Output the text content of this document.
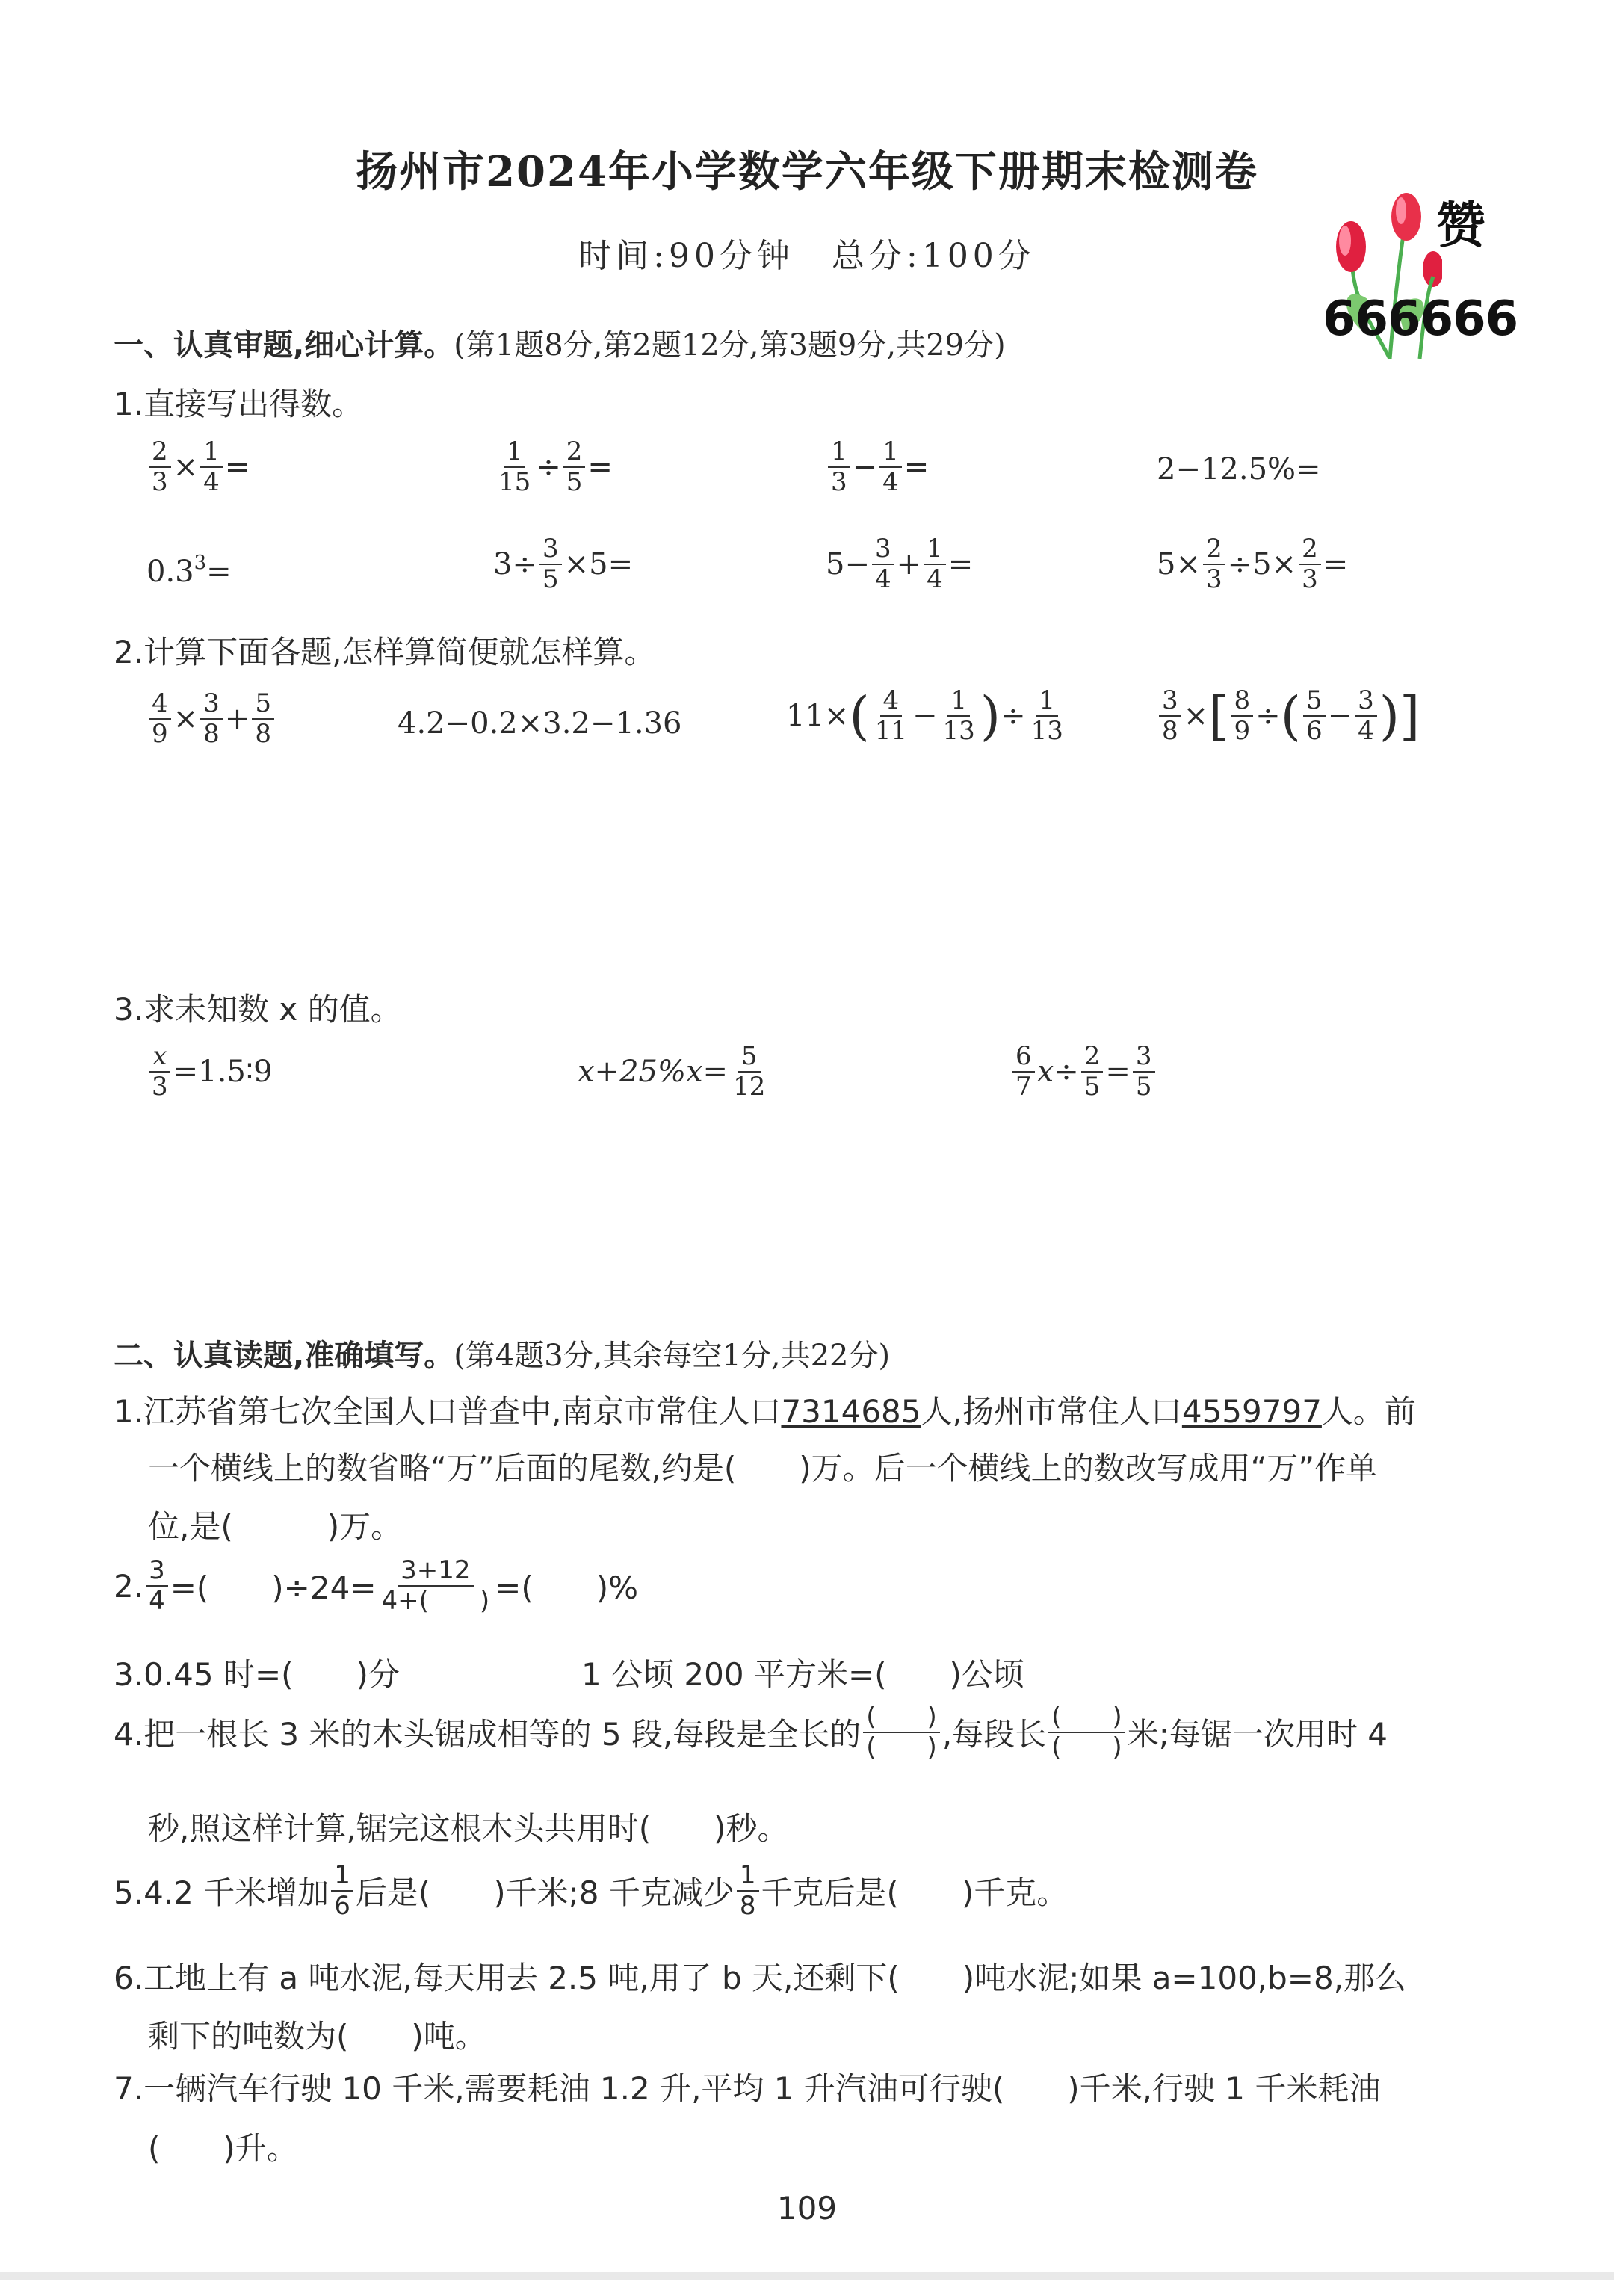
扬州市2024年小学数学六年级下册期末检测卷
时间:90分钟　总分:100分
赞
666666
一、认真审题,细心计算。(第1题8分,第2题12分,第3题9分,共29分)
1.直接写出得数。
$\frac{2}{3} \times \frac{1}{4}$ =	$\frac{1}{15} \div \frac{2}{5}$ =	$\frac{1}{3} - \frac{1}{4}$ =	2−12.5%=
$0.3^3$ =	$3\div \frac{3}{5} \times 5=$	$5- \frac{3}{4} + \frac{1}{4}$ =	$5\times \frac{2}{3} \div 5\times \frac{2}{3}$ =
2.计算下面各题,怎样算简便就怎样算。
$\frac{4}{9} \times \frac{3}{8} + \frac{5}{8}$	4.2−0.2×3.2−1.36	11× ( $\frac{4}{11} - \frac{1}{13}$ ) ÷ $\frac{1}{13}$	$\frac{3}{8}$ × [ $\frac{8}{9}$ ÷ ( $\frac{5}{6} - \frac{3}{4}$ )]
3.求未知数 x 的值。
$\frac{x}{3}$ =1.5∶9	$x+25\%x= \frac{5}{12}$	$\frac{6}{7} x\div \frac{2}{5} = \frac{3}{5}$
二、认真读题,准确填写。(第4题3分,其余每空1分,共22分)
1.江苏省第七次全国人口普查中,南京市常住人口7314685人,扬州市常住人口4559797人。前
一个横线上的数省略“万”后面的尾数,约是(　　)万。后一个横线上的数改写成用“万”作单
位,是(　　　)万。
2. $\frac{3}{4}$ =(　　)$\div 24= \frac{3+12}{4+( )}$ =(　　)%
3.0.45 时=(　　)分	1 公顷 200 平方米=(　　)公顷
4.把一根长 3 米的木头锯成相等的 5 段,每段是全长的 $\frac{( )}{( )}$ ,每段长 $\frac{( )}{( )}$ 米;每锯一次用时 4
秒,照这样计算,锯完这根木头共用时(　　)秒。
5.4.2 千米增加 $\frac{1}{6}$ 后是(　　)千米;8 千克减少 $\frac{1}{8}$ 千克后是(　　)千克。
6.工地上有 a 吨水泥,每天用去 2.5 吨,用了 b 天,还剩下(　　)吨水泥;如果 a=100,b=8,那么
剩下的吨数为(　　)吨。
7.一辆汽车行驶 10 千米,需要耗油 1.2 升,平均 1 升汽油可行驶(　　)千米,行驶 1 千米耗油
(　　)升。
109
